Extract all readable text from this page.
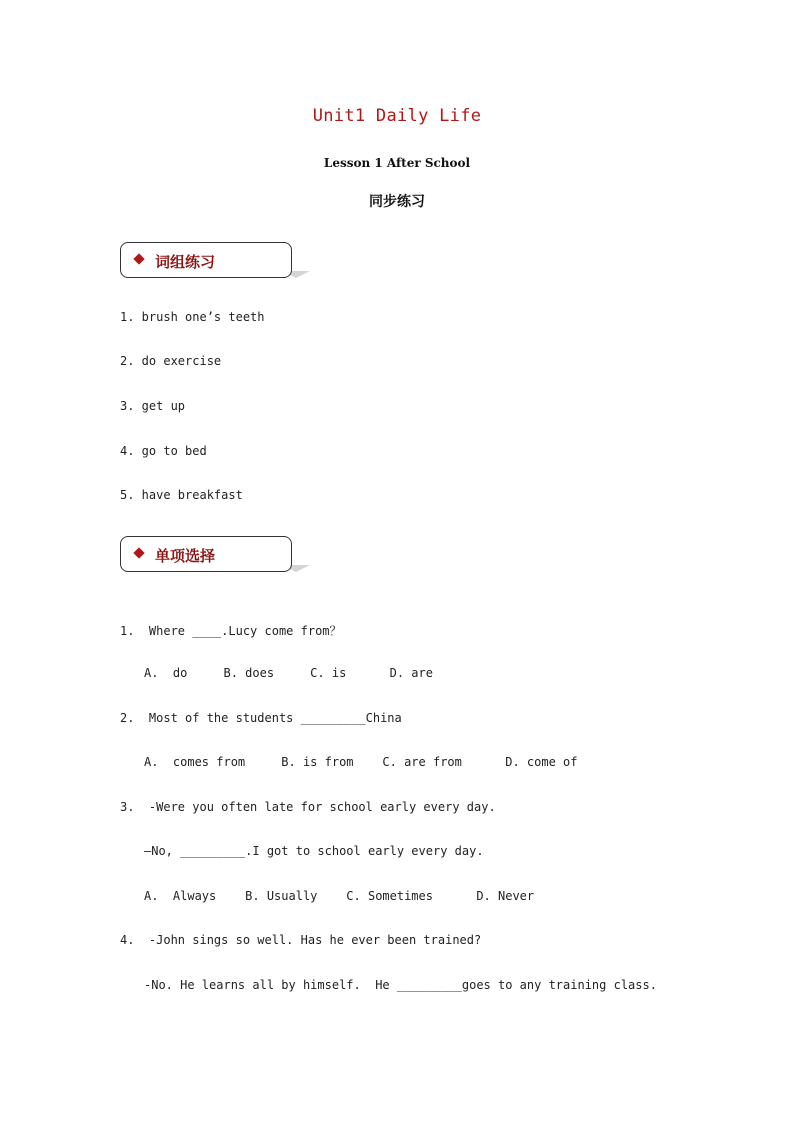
Unit1 Daily Life
Lesson 1 After School
同步练习
词组练习
1. brush one’s teeth
2. do exercise
3. get up
4. go to bed
5. have breakfast
单项选择
1.  Where ____.Lucy come from？
A.  do     B. does     C. is      D. are
2.  Most of the students _________China
A.  comes from     B. is from    C. are from      D. come of
3.  -Were you often late for school early every day.
–No, _________.I got to school early every day.
A.  Always    B. Usually    C. Sometimes      D. Never
4.  -John sings so well. Has he ever been trained?
-No. He learns all by himself.  He _________goes to any training class.
